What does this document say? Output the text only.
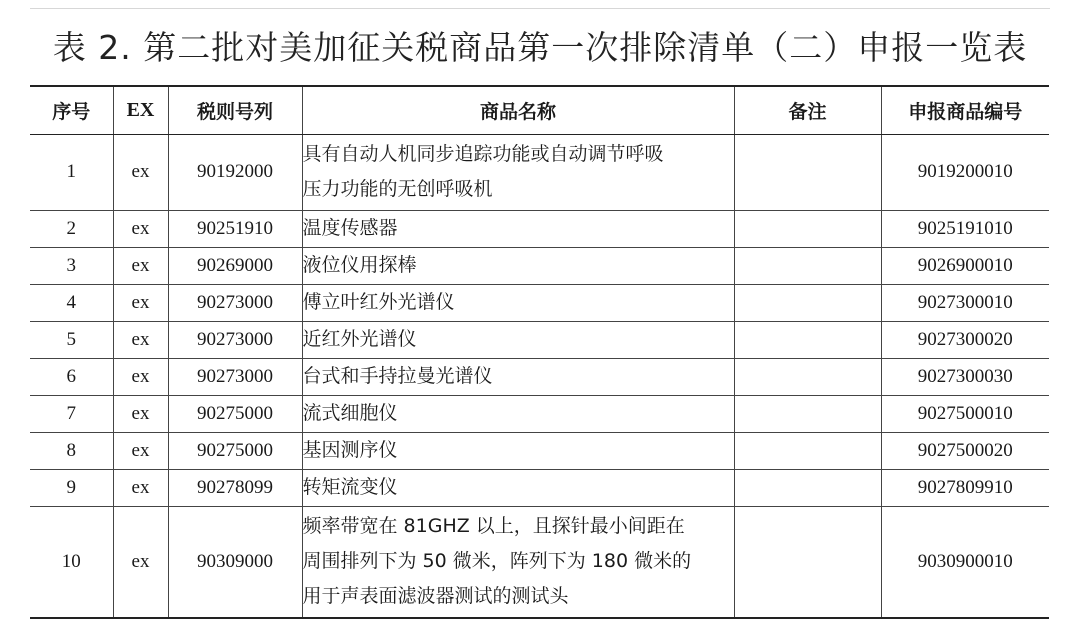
表 2. 第二批对美加征关税商品第一次排除清单（二）申报一览表
序号	EX	税则号列	商品名称	备注	申报商品编号
1	ex	90192000	具有自动人机同步追踪功能或自动调节呼吸
压力功能的无创呼吸机		9019200010
2	ex	90251910	温度传感器		9025191010
3	ex	90269000	液位仪用探棒		9026900010
4	ex	90273000	傅立叶红外光谱仪		9027300010
5	ex	90273000	近红外光谱仪		9027300020
6	ex	90273000	台式和手持拉曼光谱仪		9027300030
7	ex	90275000	流式细胞仪		9027500010
8	ex	90275000	基因测序仪		9027500020
9	ex	90278099	转矩流变仪		9027809910
10	ex	90309000	频率带宽在 81GHZ 以上，且探针最小间距在
周围排列下为 50 微米，阵列下为 180 微米的
用于声表面滤波器测试的测试头		9030900010
